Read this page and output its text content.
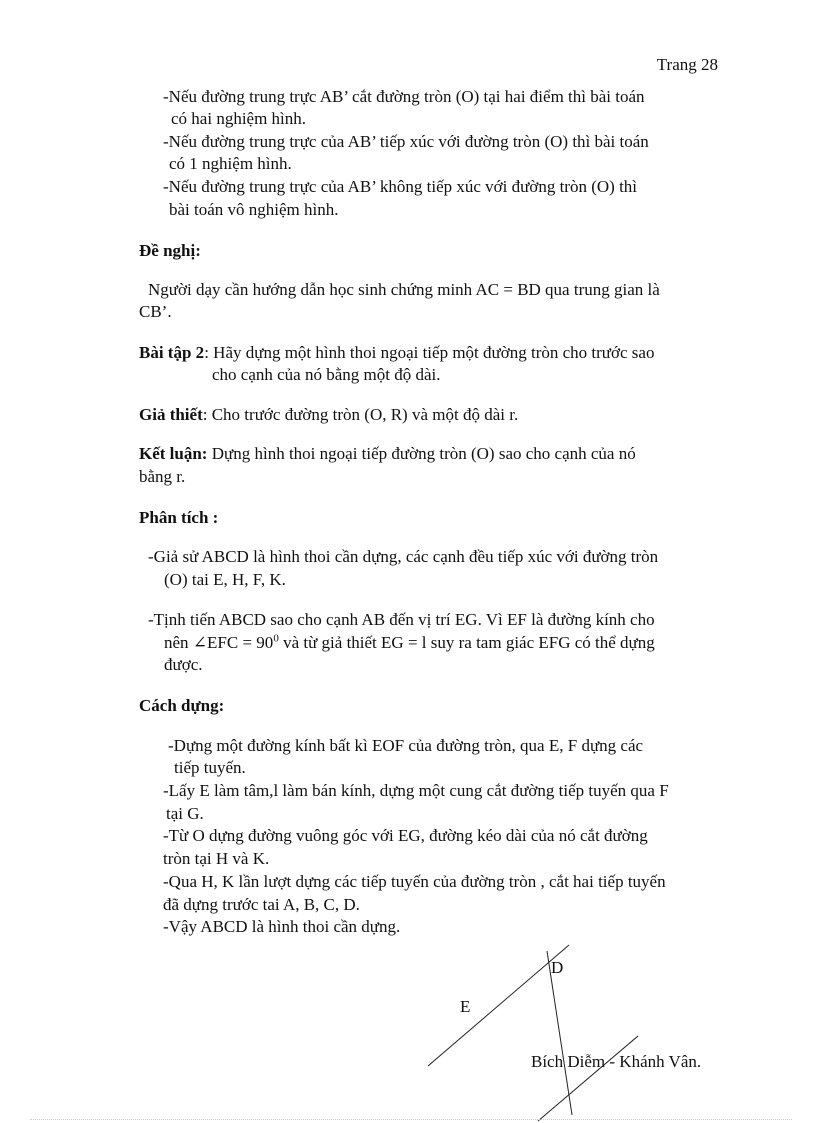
Trang 28
-Nếu đường trung trực AB’ cắt đường tròn (O) tại hai điểm thì bài toán
có hai nghiệm hình.
-Nếu đường trung trực của AB’ tiếp xúc với đường tròn (O) thì bài toán
có 1 nghiệm hình.
-Nếu đường trung trực của AB’ không tiếp xúc với đường tròn (O) thì
bài toán vô nghiệm hình.
Đề nghị:
Người dạy cần hướng dẫn học sinh chứng minh AC = BD qua trung gian là
CB’.
Bài tập 2: Hãy dựng một hình thoi ngoại tiếp một đường tròn cho trước sao
cho cạnh của nó bằng một độ dài.
Giả thiết: Cho trước đường tròn (O, R) và một độ dài r.
Kết luận: Dựng hình thoi ngoại tiếp đường tròn (O) sao cho cạnh của nó
bằng r.
Phân tích :
-Giả sử ABCD là hình thoi cần dựng, các cạnh đều tiếp xúc với đường tròn
(O) tai E, H, F, K.
-Tịnh tiến ABCD sao cho cạnh AB đến vị trí EG. Vì EF là đường kính cho
nên ∠EFC = $90^0$ và từ giả thiết EG = l suy ra tam giác EFG có thể dựng
được.
Cách dựng:
-Dựng một đường kính bất kì EOF của đường tròn, qua E, F dựng các
tiếp tuyến.
-Lấy E làm tâm,l làm bán kính, dựng một cung cắt đường tiếp tuyến qua F
tại G.
-Từ O dựng đường vuông góc với EG, đường kéo dài của nó cắt đường
tròn tại H và K.
-Qua H, K lần lượt dựng các tiếp tuyến của đường tròn , cắt hai tiếp tuyến
đã dựng trước tai A, B, C, D.
-Vậy ABCD là hình thoi cần dựng.
D
E
Bích Diễm - Khánh Vân.
